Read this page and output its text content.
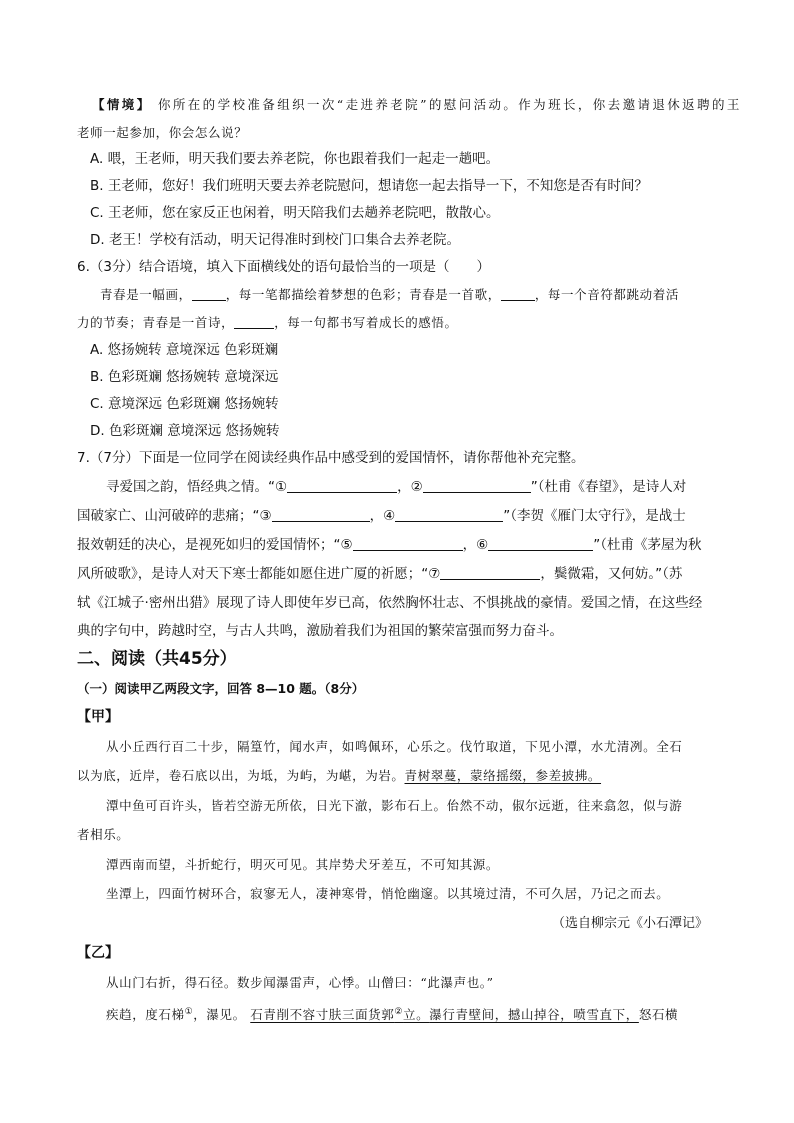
【情境】 你所在的学校准备组织一次“走进养老院”的慰问活动。作为班长，你去邀请退休返聘的王
老师一起参加，你会怎么说？
A. 喂，王老师，明天我们要去养老院，你也跟着我们一起走一趟吧。
B. 王老师，您好！我们班明天要去养老院慰问，想请您一起去指导一下，不知您是否有时间？
C. 王老师，您在家反正也闲着，明天陪我们去趟养老院吧，散散心。
D. 老王！学校有活动，明天记得准时到校门口集合去养老院。
6.（3分）结合语境，填入下面横线处的语句最恰当的一项是（　　）
青春是一幅画，	，每一笔都描绘着梦想的色彩；青春是一首歌，	，每一个音符都跳动着活
力的节奏；青春是一首诗，	，每一句都书写着成长的感悟。
A. 悠扬婉转 意境深远 色彩斑斓
B. 色彩斑斓 悠扬婉转 意境深远
C. 意境深远 色彩斑斓 悠扬婉转
D. 色彩斑斓 意境深远 悠扬婉转
7.（7分）下面是一位同学在阅读经典作品中感受到的爱国情怀，请你帮他补充完整。
寻爱国之韵，悟经典之情。“①	，②	”（杜甫《春望》，是诗人对
国破家亡、山河破碎的悲痛；“③	，④	”（李贺《雁门太守行》，是战士
报效朝廷的决心，是视死如归的爱国情怀；“⑤	，⑥	”（杜甫《茅屋为秋
风所破歌》，是诗人对天下寒士都能如愿住进广厦的祈愿；“⑦	，鬓微霜，又何妨。”（苏
轼《江城子·密州出猎》展现了诗人即使年岁已高，依然胸怀壮志、不惧挑战的豪情。爱国之情，在这些经
典的字句中，跨越时空，与古人共鸣，激励着我们为祖国的繁荣富强而努力奋斗。
二、阅读（共45分）
（一）阅读甲乙两段文字，回答 8—10 题。（8分）
【甲】
从小丘西行百二十步，隔篁竹，闻水声，如鸣佩环，心乐之。伐竹取道，下见小潭，水尤清冽。全石
以为底，近岸，卷石底以出，为坻，为屿，为嵁，为岩。青树翠蔓，蒙络摇缀，参差披拂。
潭中鱼可百许头，皆若空游无所依，日光下澈，影布石上。佁然不动，俶尔远逝，往来翕忽，似与游
者相乐。
潭西南而望，斗折蛇行，明灭可见。其岸势犬牙差互，不可知其源。
坐潭上，四面竹树环合，寂寥无人，凄神寒骨，悄怆幽邃。以其境过清，不可久居，乃记之而去。
（选自柳宗元《小石潭记》
【乙】
从山门右折，得石径。数步闻瀑雷声，心悸。山僧曰：“此瀑声也。”
疾趋，度石梯①，瀑见。 石青削不容寸肤三面货郭②立。瀑行青壁间，撼山掉谷，喷雪直下，怒石横
